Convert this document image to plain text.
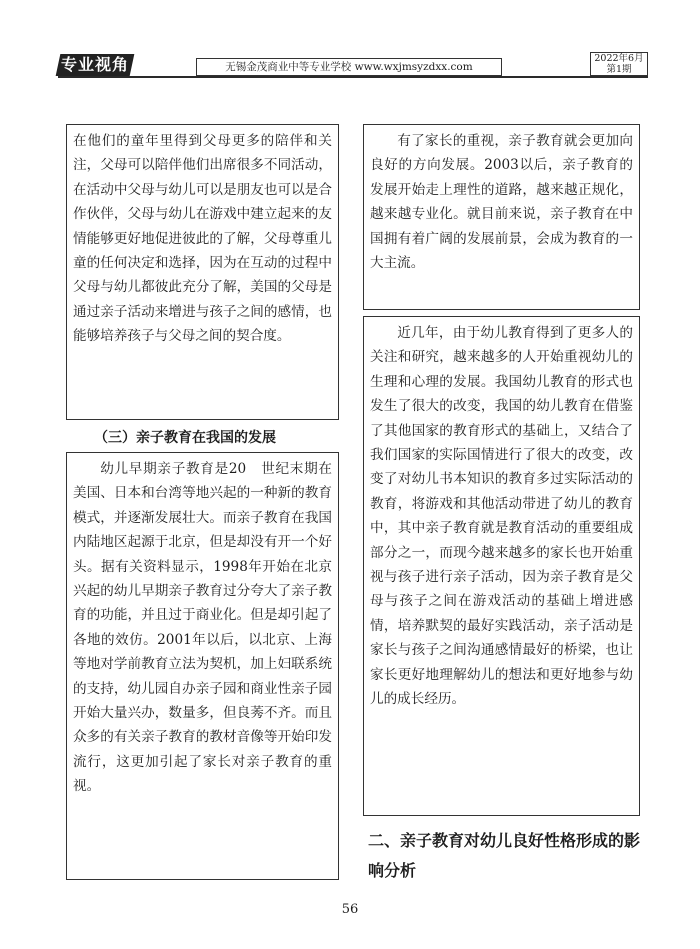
专业视角	无锡金茂商业中等专业学校 www.wxjmsyzdxx.com
2022年6月
第1期

在他们的童年里得到父母更多的陪伴和关注，父母可以陪伴他们出席很多不同活动，在活动中父母与幼儿可以是朋友也可以是合作伙伴，父母与幼儿在游戏中建立起来的友情能够更好地促进彼此的了解，父母尊重儿童的任何决定和选择，因为在互动的过程中父母与幼儿都彼此充分了解，美国的父母是通过亲子活动来增进与孩子之间的感情，也能够培养孩子与父母之间的契合度。

（三）亲子教育在我国的发展

幼儿早期亲子教育是20　世纪末期在美国、日本和台湾等地兴起的一种新的教育模式，并逐渐发展壮大。而亲子教育在我国内陆地区起源于北京，但是却没有开一个好头。据有关资料显示，1998年开始在北京兴起的幼儿早期亲子教育过分夸大了亲子教育的功能，并且过于商业化。但是却引起了各地的效仿。2001年以后，以北京、上海等地对学前教育立法为契机，加上妇联系统的支持，幼儿园自办亲子园和商业性亲子园开始大量兴办，数量多，但良莠不齐。而且众多的有关亲子教育的教材音像等开始印发流行，这更加引起了家长对亲子教育的重视。

有了家长的重视，亲子教育就会更加向良好的方向发展。2003以后，亲子教育的发展开始走上理性的道路，越来越正规化，越来越专业化。就目前来说，亲子教育在中国拥有着广阔的发展前景，会成为教育的一大主流。

近几年，由于幼儿教育得到了更多人的关注和研究，越来越多的人开始重视幼儿的生理和心理的发展。我国幼儿教育的形式也发生了很大的改变，我国的幼儿教育在借鉴了其他国家的教育形式的基础上，又结合了我们国家的实际国情进行了很大的改变，改变了对幼儿书本知识的教育多过实际活动的教育，将游戏和其他活动带进了幼儿的教育中，其中亲子教育就是教育活动的重要组成部分之一，而现今越来越多的家长也开始重视与孩子进行亲子活动，因为亲子教育是父母与孩子之间在游戏活动的基础上增进感情，培养默契的最好实践活动，亲子活动是家长与孩子之间沟通感情最好的桥梁，也让家长更好地理解幼儿的想法和更好地参与幼儿的成长经历。

二、亲子教育对幼儿良好性格形成的影响分析
56
